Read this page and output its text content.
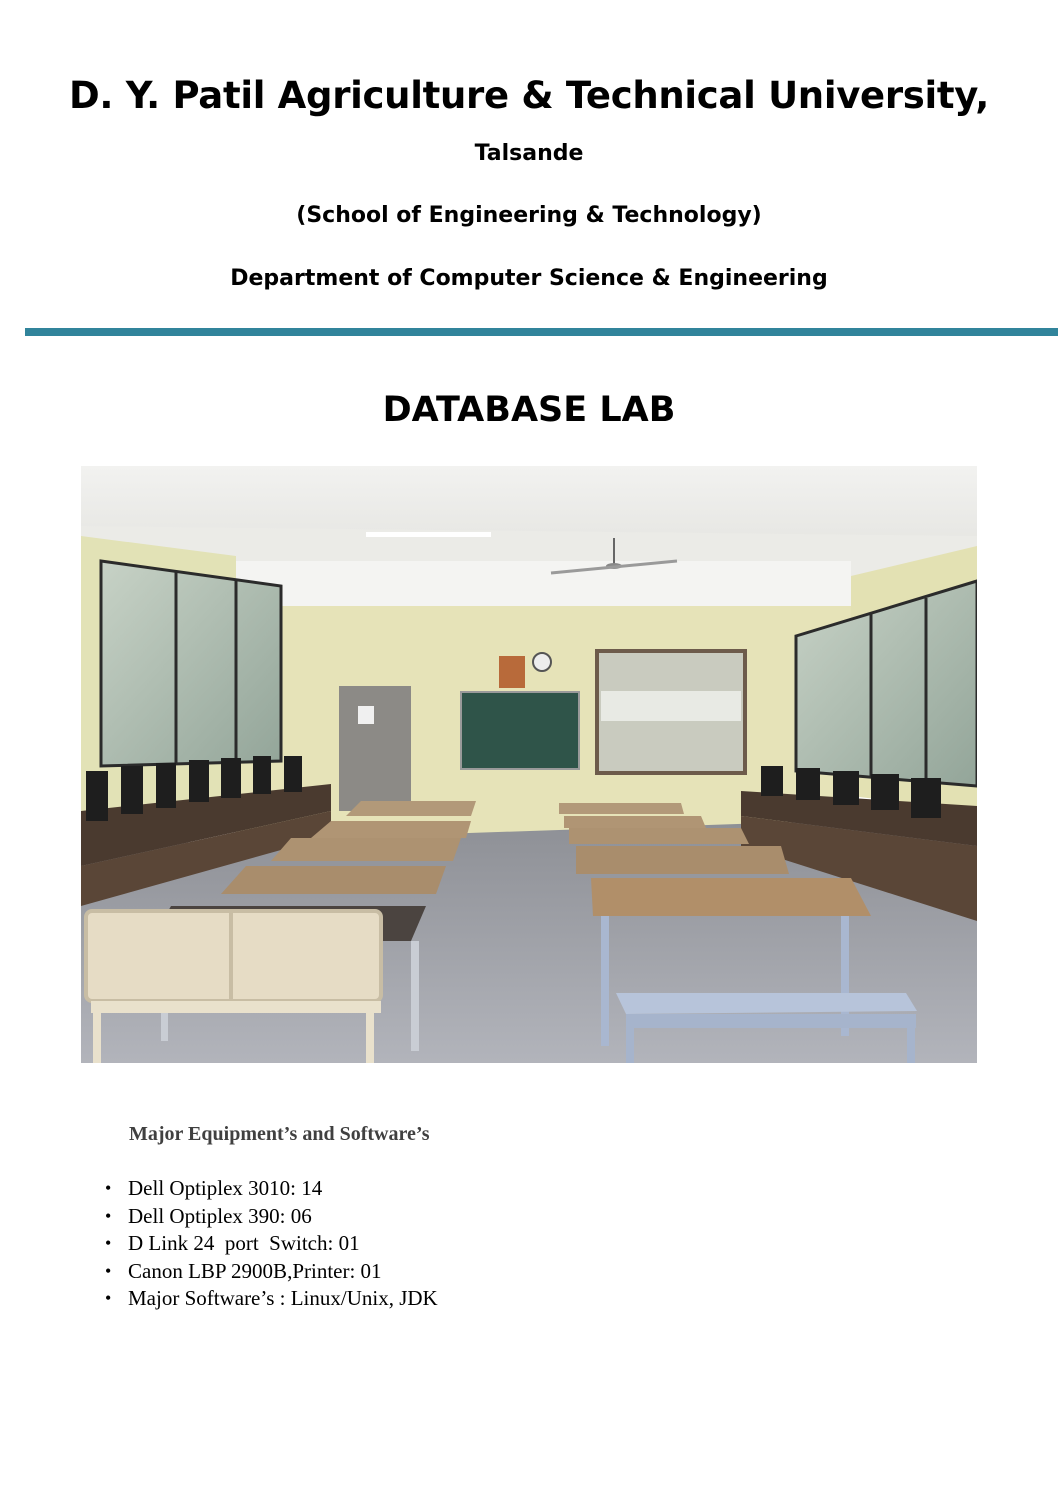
D. Y. Patil Agriculture & Technical University,
Talsande
(School of Engineering & Technology)
Department of Computer Science & Engineering
DATABASE LAB
Major Equipment’s and Software’s
• Dell Optiplex 3010: 14
• Dell Optiplex 390: 06
• D Link 24  port  Switch: 01
• Canon LBP 2900B,Printer: 01
• Major Software’s : Linux/Unix, JDK
